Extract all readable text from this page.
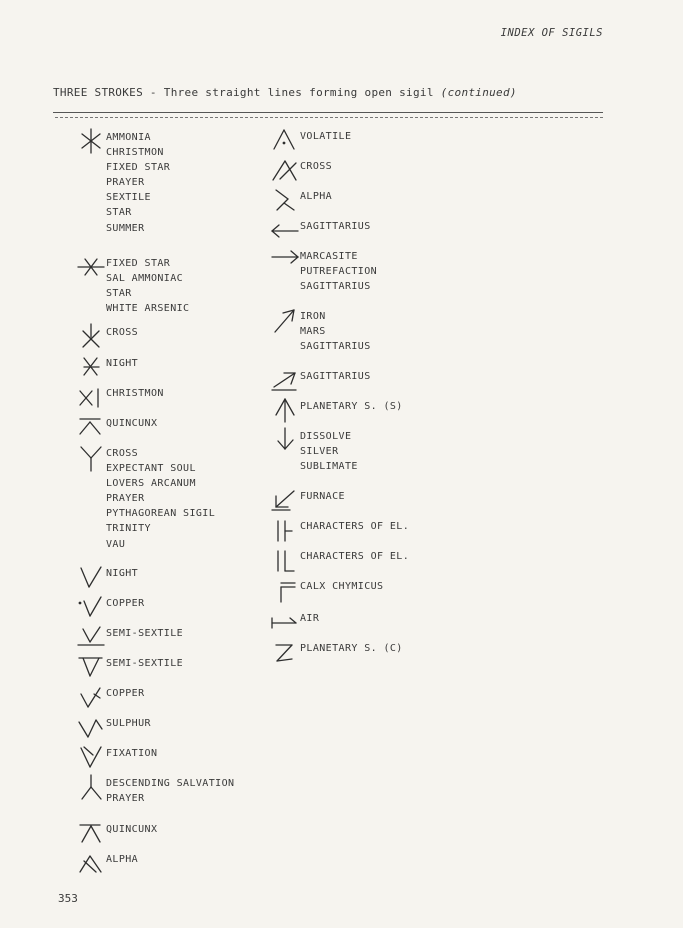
INDEX OF SIGILS
THREE STROKES - Three straight lines forming open sigil (continued)
AMMONIA
CHRISTMON
FIXED STAR
PRAYER
SEXTILE
STAR
SUMMER
FIXED STAR
SAL AMMONIAC
STAR
WHITE ARSENIC
CROSS
NIGHT
CHRISTMON
QUINCUNX
CROSS
EXPECTANT SOUL
LOVERS ARCANUM
PRAYER
PYTHAGOREAN SIGIL
TRINITY
VAU
NIGHT
COPPER
SEMI-SEXTILE
SEMI-SEXTILE
COPPER
SULPHUR
FIXATION
DESCENDING SALVATION
PRAYER
QUINCUNX
ALPHA
VOLATILE
CROSS
ALPHA
SAGITTARIUS
MARCASITE
PUTREFACTION
SAGITTARIUS
IRON
MARS
SAGITTARIUS
SAGITTARIUS
PLANETARY S. (S)
DISSOLVE
SILVER
SUBLIMATE
FURNACE
CHARACTERS OF EL.
CHARACTERS OF EL.
CALX CHYMICUS
AIR
PLANETARY S. (C)
353
